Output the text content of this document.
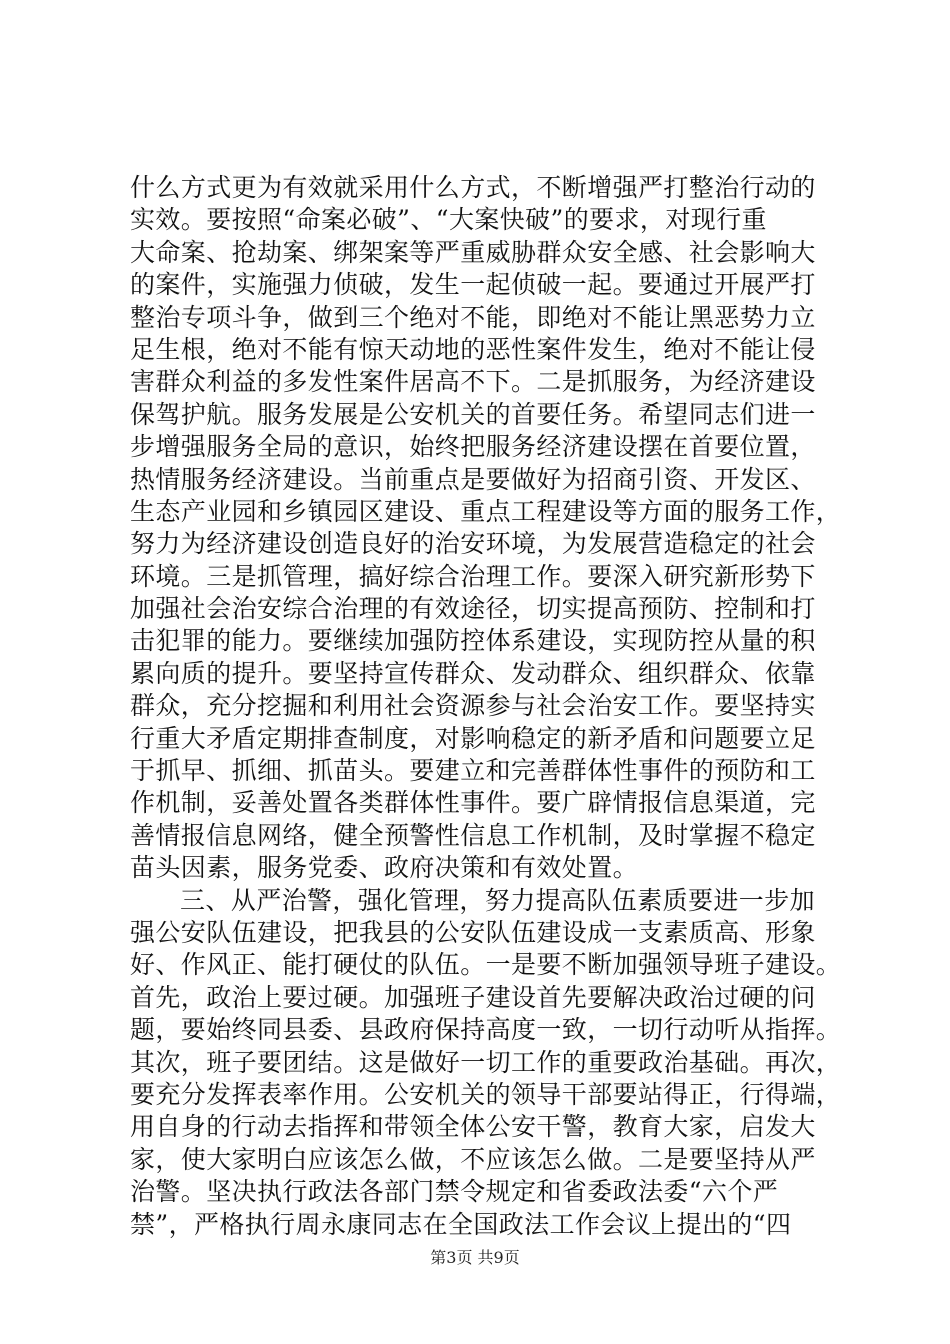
什么方式更为有效就采用什么方式，不断增强严打整治行动的
实效。要按照“命案必破”、“大案快破”的要求，对现行重
大命案、抢劫案、绑架案等严重威胁群众安全感、社会影响大
的案件，实施强力侦破，发生一起侦破一起。要通过开展严打
整治专项斗争，做到三个绝对不能，即绝对不能让黑恶势力立
足生根，绝对不能有惊天动地的恶性案件发生，绝对不能让侵
害群众利益的多发性案件居高不下。二是抓服务，为经济建设
保驾护航。服务发展是公安机关的首要任务。希望同志们进一
步增强服务全局的意识，始终把服务经济建设摆在首要位置，
热情服务经济建设。当前重点是要做好为招商引资、开发区、
生态产业园和乡镇园区建设、重点工程建设等方面的服务工作，
努力为经济建设创造良好的治安环境，为发展营造稳定的社会
环境。三是抓管理，搞好综合治理工作。要深入研究新形势下
加强社会治安综合治理的有效途径，切实提高预防、控制和打
击犯罪的能力。要继续加强防控体系建设，实现防控从量的积
累向质的提升。要坚持宣传群众、发动群众、组织群众、依靠
群众，充分挖掘和利用社会资源参与社会治安工作。要坚持实
行重大矛盾定期排查制度，对影响稳定的新矛盾和问题要立足
于抓早、抓细、抓苗头。要建立和完善群体性事件的预防和工
作机制，妥善处置各类群体性事件。要广辟情报信息渠道，完
善情报信息网络，健全预警性信息工作机制，及时掌握不稳定
苗头因素，服务党委、政府决策和有效处置。
三、从严治警，强化管理，努力提高队伍素质要进一步加
强公安队伍建设，把我县的公安队伍建设成一支素质高、形象
好、作风正、能打硬仗的队伍。一是要不断加强领导班子建设。
首先，政治上要过硬。加强班子建设首先要解决政治过硬的问
题，要始终同县委、县政府保持高度一致，一切行动听从指挥。
其次，班子要团结。这是做好一切工作的重要政治基础。再次，
要充分发挥表率作用。公安机关的领导干部要站得正，行得端，
用自身的行动去指挥和带领全体公安干警，教育大家，启发大
家，使大家明白应该怎么做，不应该怎么做。二是要坚持从严
治警。坚决执行政法各部门禁令规定和省委政法委“六个严
禁”，严格执行周永康同志在全国政法工作会议上提出的“四
第3页 共9页
